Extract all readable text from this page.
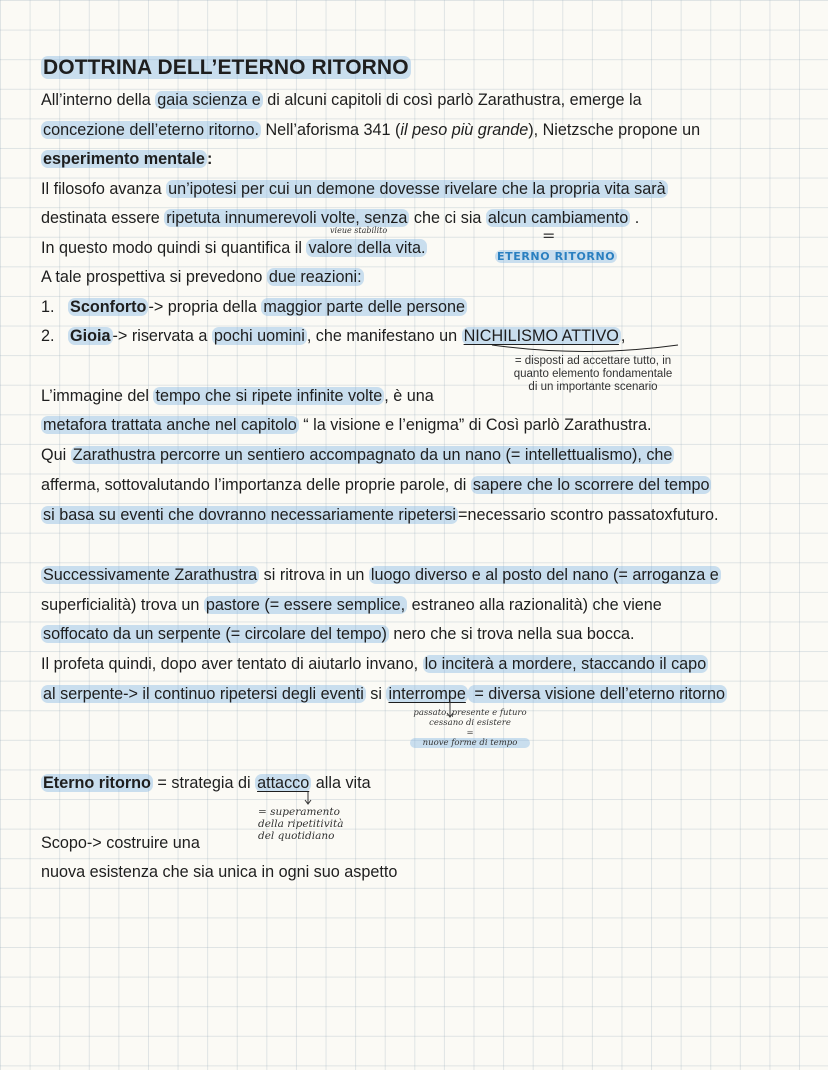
DOTTRINA DELL’ETERNO RITORNO
All’interno della gaia scienza e di alcuni capitoli di così parlò Zarathustra, emerge la
concezione dell’eterno ritorno. Nell’aforisma 341 (il peso più grande), Nietzsche propone un
esperimento mentale :
Il filosofo avanza un’ipotesi per cui un demone dovesse rivelare che la propria vita sarà
destinata essere ripetuta innumerevoli volte, senza che ci sia alcun cambiamento .
vieue stabilito
In questo modo quindi si quantifica il valore della vita.
=
ETERNO RITORNO
A tale prospettiva si prevedono due reazioni:
1. Sconforto -> propria della maggior parte delle persone
2. Gioia -> riservata a pochi uomini , che manifestano un NICHILISMO ATTIVO ,
= disposti ad accettare tutto, in
quanto elemento fondamentale
di un importante scenario
L’immagine del tempo che si ripete infinite volte , è una
metafora trattata anche nel capitolo “ la visione e l’enigma” di Così parlò Zarathustra.
Qui Zarathustra percorre un sentiero accompagnato da un nano (= intellettualismo), che
afferma, sottovalutando l’importanza delle proprie parole, di sapere che lo scorrere del tempo
si basa su eventi che dovranno necessariamente ripetersi =necessario scontro passatoxfuturo.
Successivamente Zarathustra si ritrova in un luogo diverso e al posto del nano (= arroganza e
superficialità) trova un pastore (= essere semplice, estraneo alla razionalità) che viene
soffocato da un serpente (= circolare del tempo) nero che si trova nella sua bocca.
Il profeta quindi, dopo aver tentato di aiutarlo invano, lo inciterà a mordere, staccando il capo
al serpente-> il continuo ripetersi degli eventi si interrompe = diversa visione dell’eterno ritorno
passato, presente e futuro
cessano di esistere
=
nuove forme di tempo
Eterno ritorno = strategia di attacco alla vita
= superamento
della ripetitività
del quotidiano
Scopo-> costruire una
nuova esistenza che sia unica in ogni suo aspetto
